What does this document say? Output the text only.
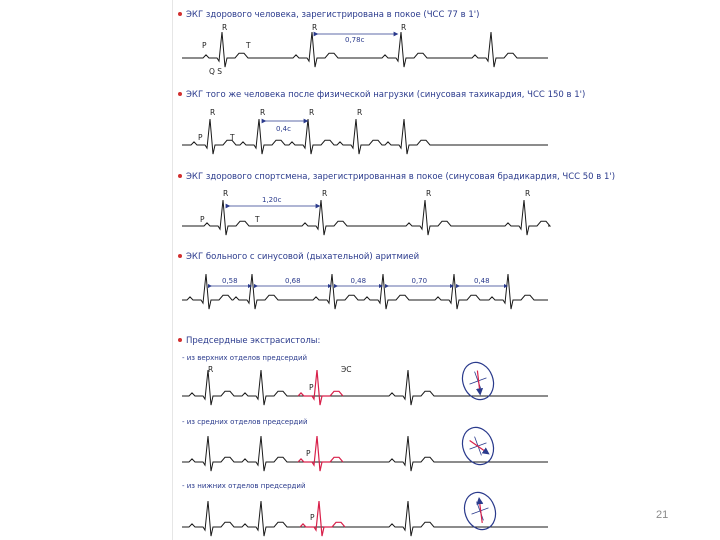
ЭКГ здорового человека, зарегистрирована в покое (ЧСС 77 в 1')
R	R	R
P	T
Q S
0,78с
ЭКГ того же человека после физической нагрузки (синусовая тахикардия, ЧСС 150 в 1')
R	R	R	R
P	T
0,4с
ЭКГ здорового спортсмена, зарегистрированная в покое (синусовая брадикардия, ЧСС 50 в 1')
R	R	R	R
P	T
1,20с
ЭКГ больного с синусовой (дыхательной) аритмией
0,58	0,68	0,48	0,70	0,48
Предсердные экстрасистолы:
- из верхних отделов предсердий
R	ЭС
P
- из средних отделов предсердий
P
- из нижних отделов предсердий
P	21
